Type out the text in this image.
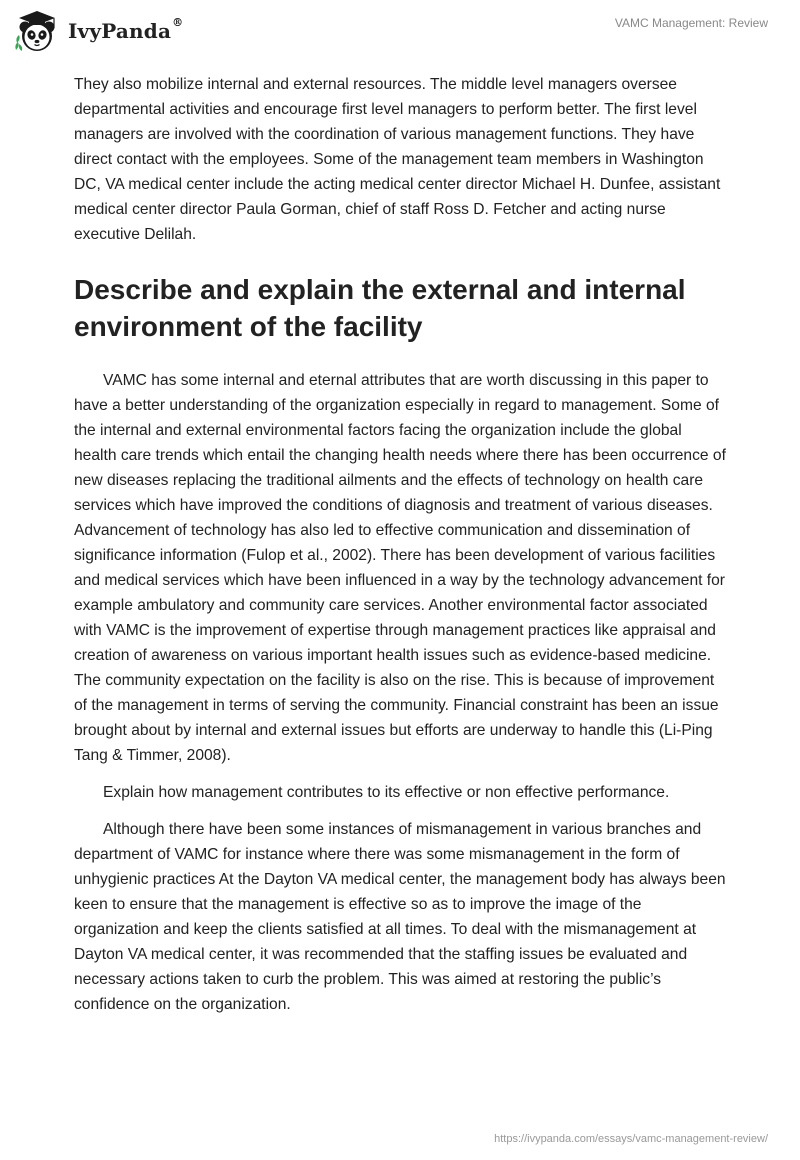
IvyPanda®	VAMC Management: Review

They also mobilize internal and external resources. The middle level managers oversee departmental activities and encourage first level managers to perform better. The first level managers are involved with the coordination of various management functions. They have direct contact with the employees. Some of the management team members in Washington DC, VA medical center include the acting medical center director Michael H. Dunfee, assistant medical center director Paula Gorman, chief of staff Ross D. Fetcher and acting nurse executive Delilah.

Describe and explain the external and internal environment of the facility

VAMC has some internal and eternal attributes that are worth discussing in this paper to have a better understanding of the organization especially in regard to management. Some of the internal and external environmental factors facing the organization include the global health care trends which entail the changing health needs where there has been occurrence of new diseases replacing the traditional ailments and the effects of technology on health care services which have improved the conditions of diagnosis and treatment of various diseases. Advancement of technology has also led to effective communication and dissemination of significance information (Fulop et al., 2002). There has been development of various facilities and medical services which have been influenced in a way by the technology advancement for example ambulatory and community care services. Another environmental factor associated with VAMC is the improvement of expertise through management practices like appraisal and creation of awareness on various important health issues such as evidence-based medicine. The community expectation on the facility is also on the rise. This is because of improvement of the management in terms of serving the community. Financial constraint has been an issue brought about by internal and external issues but efforts are underway to handle this (Li-Ping Tang & Timmer, 2008).

Explain how management contributes to its effective or non effective performance.

Although there have been some instances of mismanagement in various branches and department of VAMC for instance where there was some mismanagement in the form of unhygienic practices At the Dayton VA medical center, the management body has always been keen to ensure that the management is effective so as to improve the image of the organization and keep the clients satisfied at all times. To deal with the mismanagement at Dayton VA medical center, it was recommended that the staffing issues be evaluated and necessary actions taken to curb the problem. This was aimed at restoring the public’s confidence on the organization.

https://ivypanda.com/essays/vamc-management-review/
